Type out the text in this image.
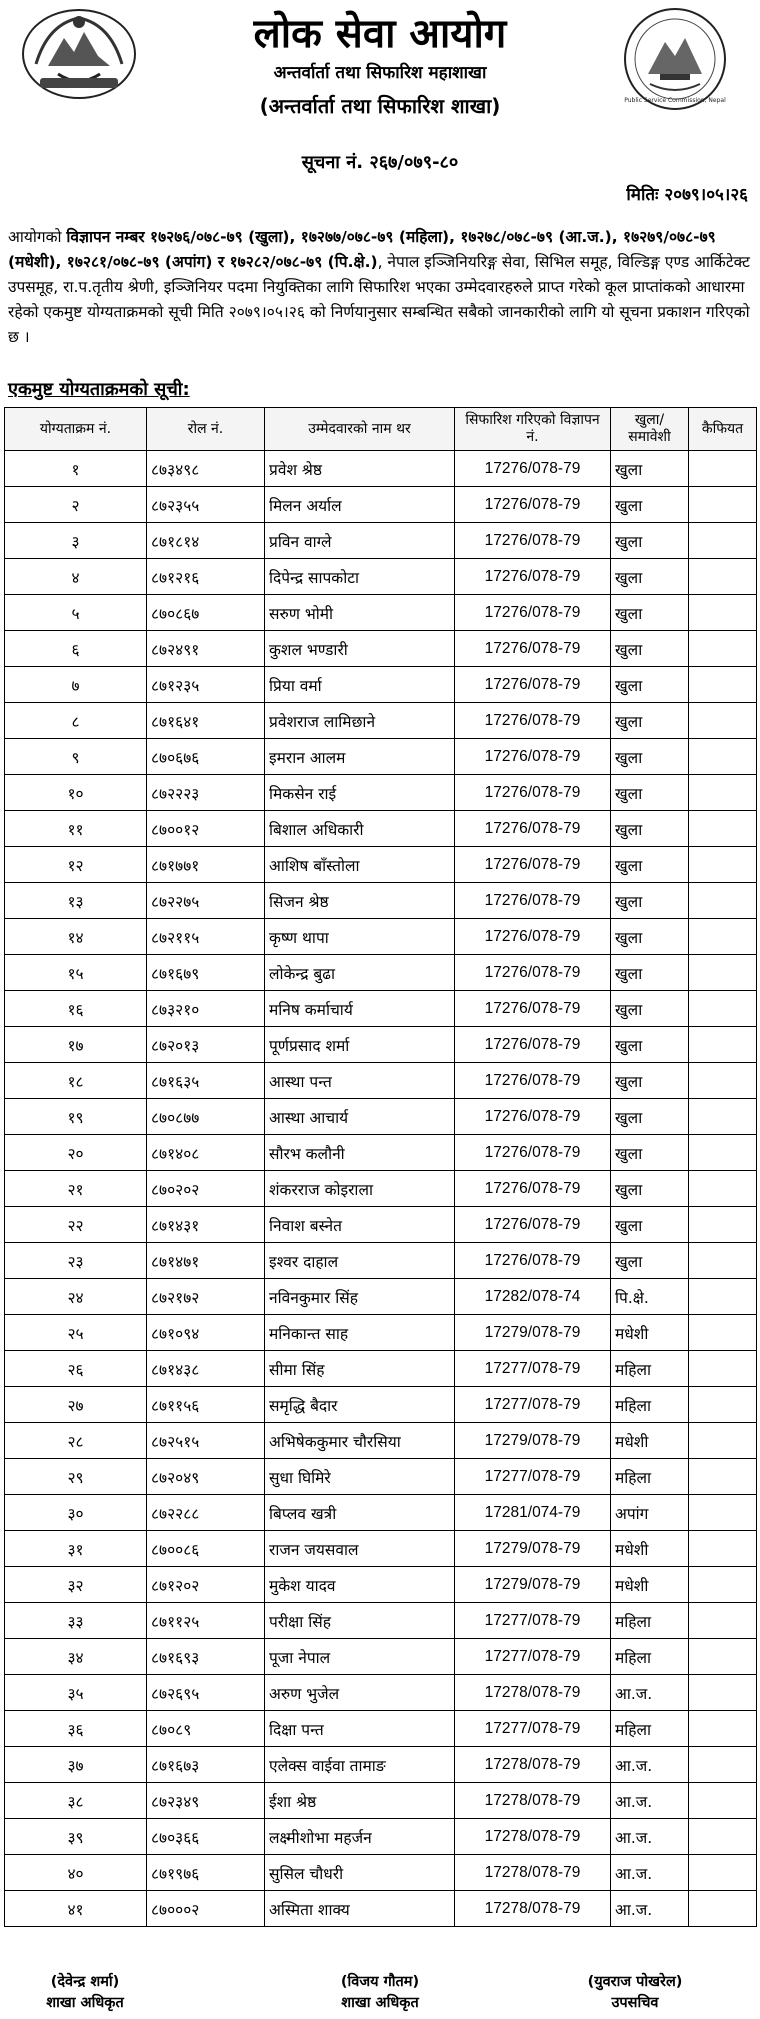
लोक सेवा आयोग
अन्तर्वार्ता तथा सिफारिश महाशाखा
(अन्तर्वार्ता तथा सिफारिश शाखा)	Public Service Commission, Nepal
सूचना नं. २६७/०७९-८०
मितिः २०७९।०५।२६
आयोगको विज्ञापन नम्बर १७२७६/०७८-७९ (खुला), १७२७७/०७८-७९ (महिला), १७२७८/०७८-७९ (आ.ज.), १७२७९/०७८-७९ (मधेशी), १७२८१/०७८-७९ (अपांग) र १७२८२/०७८-७९ (पि.क्षे.), नेपाल इञ्जिनियरिङ्ग सेवा, सिभिल समूह, विल्डिङ्ग एण्ड आर्किटेक्ट उपसमूह, रा.प.तृतीय श्रेणी, इञ्जिनियर पदमा नियुक्तिका लागि सिफारिश भएका उम्मेदवारहरुले प्राप्त गरेको कूल प्राप्तांकको आधारमा रहेको एकमुष्ट योग्यताक्रमको सूची मिति २०७९।०५।२६ को निर्णयानुसार सम्बन्धित सबैको जानकारीको लागि यो सूचना प्रकाशन गरिएको छ ।
एकमुष्ट योग्यताक्रमको सूची:
योग्यताक्रम नं.	रोल नं.	उम्मेदवारको नाम थर	सिफारिश गरिएको विज्ञापन नं.	खुला/ समावेशी	कैफियत
१	८७३४९८	प्रवेश श्रेष्ठ	17276/078-79	खुला	
२	८७२३५५	मिलन अर्याल	17276/078-79	खुला	
३	८७१८१४	प्रविन वाग्ले	17276/078-79	खुला	
४	८७१२१६	दिपेन्द्र सापकोटा	17276/078-79	खुला	
५	८७०८६७	सरुण भोमी	17276/078-79	खुला	
६	८७२४९१	कुशल भण्डारी	17276/078-79	खुला	
७	८७१२३५	प्रिया वर्मा	17276/078-79	खुला	
८	८७१६४१	प्रवेशराज लामिछाने	17276/078-79	खुला	
९	८७०६७६	इमरान आलम	17276/078-79	खुला	
१०	८७२२२३	मिकसेन राई	17276/078-79	खुला	
११	८७००१२	बिशाल अधिकारी	17276/078-79	खुला	
१२	८७१७७१	आशिष बाँस्तोला	17276/078-79	खुला	
१३	८७२२७५	सिजन श्रेष्ठ	17276/078-79	खुला	
१४	८७२११५	कृष्ण थापा	17276/078-79	खुला	
१५	८७१६७९	लोकेन्द्र बुढा	17276/078-79	खुला	
१६	८७३२१०	मनिष कर्माचार्य	17276/078-79	खुला	
१७	८७२०१३	पूर्णप्रसाद शर्मा	17276/078-79	खुला	
१८	८७१६३५	आस्था पन्त	17276/078-79	खुला	
१९	८७०८७७	आस्था आचार्य	17276/078-79	खुला	
२०	८७१४०८	सौरभ कलौनी	17276/078-79	खुला	
२१	८७०२०२	शंकरराज कोइराला	17276/078-79	खुला	
२२	८७१४३१	निवाश बस्नेत	17276/078-79	खुला	
२३	८७१४७१	इश्वर दाहाल	17276/078-79	खुला	
२४	८७२१७२	नविनकुमार सिंह	17282/078-74	पि.क्षे.	
२५	८७१०९४	मनिकान्त साह	17279/078-79	मधेशी	
२६	८७१४३८	सीमा सिंह	17277/078-79	महिला	
२७	८७११५६	समृद्धि बैदार	17277/078-79	महिला	
२८	८७२५१५	अभिषेककुमार चौरसिया	17279/078-79	मधेशी	
२९	८७२०४९	सुधा घिमिरे	17277/078-79	महिला	
३०	८७२२८८	बिप्लव खत्री	17281/074-79	अपांग	
३१	८७००८६	राजन जयसवाल	17279/078-79	मधेशी	
३२	८७१२०२	मुकेश यादव	17279/078-79	मधेशी	
३३	८७११२५	परीक्षा सिंह	17277/078-79	महिला	
३४	८७१६९३	पूजा नेपाल	17277/078-79	महिला	
३५	८७२६९५	अरुण भुजेल	17278/078-79	आ.ज.	
३६	८७०८९	दिक्षा पन्त	17277/078-79	महिला	
३७	८७१६७३	एलेक्स वाईवा तामाङ	17278/078-79	आ.ज.	
३८	८७२३४९	ईशा श्रेष्ठ	17278/078-79	आ.ज.	
३९	८७०३६६	लक्ष्मीशोभा महर्जन	17278/078-79	आ.ज.	
४०	८७१९७६	सुसिल चौधरी	17278/078-79	आ.ज.	
४१	८७०००२	अस्मिता शाक्य	17278/078-79	आ.ज.	
(देवेन्द्र शर्मा)
शाखा अधिकृत
(विजय गौतम)
शाखा अधिकृत
(युवराज पोखरेल)
उपसचिव
